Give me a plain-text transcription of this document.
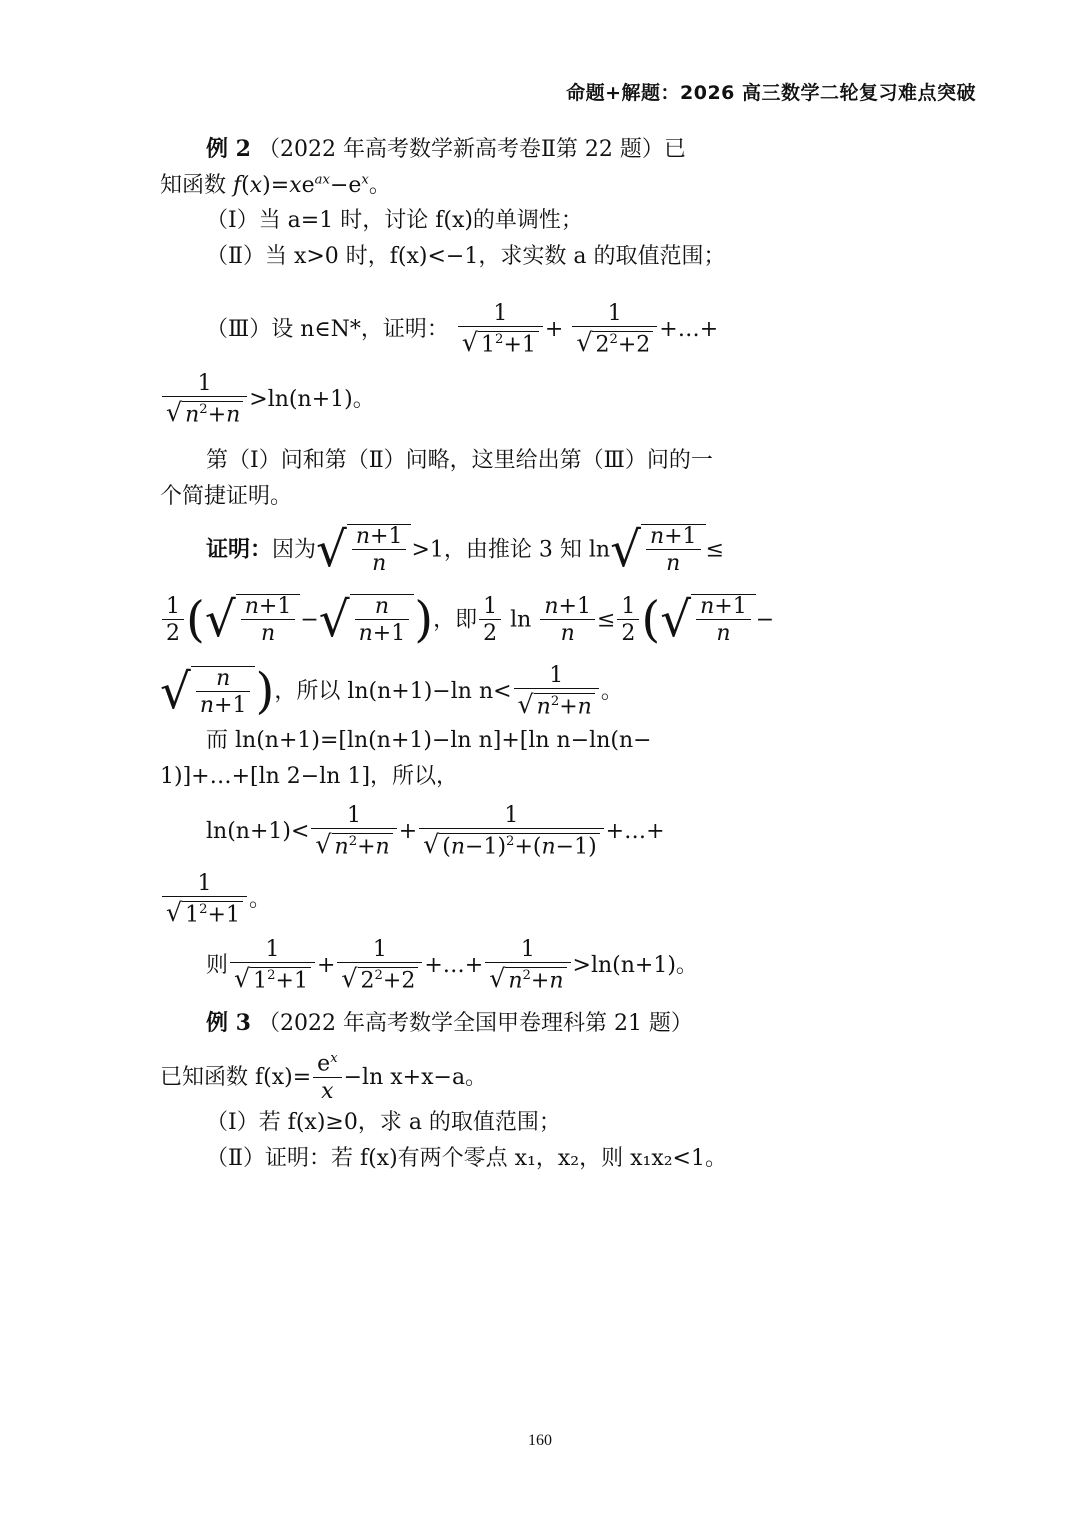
命题+解题：2026 高三数学二轮复习难点突破
例 2 （2022 年高考数学新高考卷Ⅱ第 22 题）已
知函数 $f(x)=xe^{ax}-e^x$。
（Ⅰ）当 a=1 时，讨论 f(x)的单调性；
（Ⅱ）当 x>0 时，f(x)<−1，求实数 a 的取值范围；
（Ⅲ）设 n∈N*，证明： $\frac{1}{√ 1^2+1} + \frac{1}{√ 2^2+2}$ +…+
$\frac{1}{√ n^2+n} >\ln(n+1)$。
第（Ⅰ）问和第（Ⅱ）问略，这里给出第（Ⅲ）问的一
个简捷证明。
证明：因为√ $\frac{n+1}{n} >1$，由推论 3 知 $\ln√ \frac{n+1}{n}$ ≤
$\frac{1}{2}$ (√ $\frac{n+1}{n}$ −√ $\frac{n}{n+1}$ )，即 $\frac{1}{2}$ $\ln \frac{n+1}{n} \le \frac{1}{2}$ (√ $\frac{n+1}{n}$ −
√ $\frac{n}{n+1}$ )，所以 ln(n+1)−ln $n< \frac{1}{√ n^2+n}$ 。
而 ln(n+1)=[ln(n+1)−ln n]+[ln n−ln(n−
1)]+…+[ln 2−ln 1]，所以，
$\ln(n+1)< \frac{1}{√ n^2+n} + \frac{1}{√ (n-1)^2+(n-1)}$ +…+
$\frac{1}{√ 1^2+1}$ 。
则 $\frac{1}{√ 1^2+1} + \frac{1}{√ 2^2+2}$ +…+ $\frac{1}{√ n^2+n} >\ln(n+1)$。
例 3 （2022 年高考数学全国甲卷理科第 21 题）
已知函数 $f(x)= \frac{e^x}{x} -\ln$ x+x−a。
（Ⅰ）若 f(x)≥0，求 a 的取值范围；
（Ⅱ）证明：若 f(x)有两个零点 x₁，x₂，则 x₁x₂<1。
160
